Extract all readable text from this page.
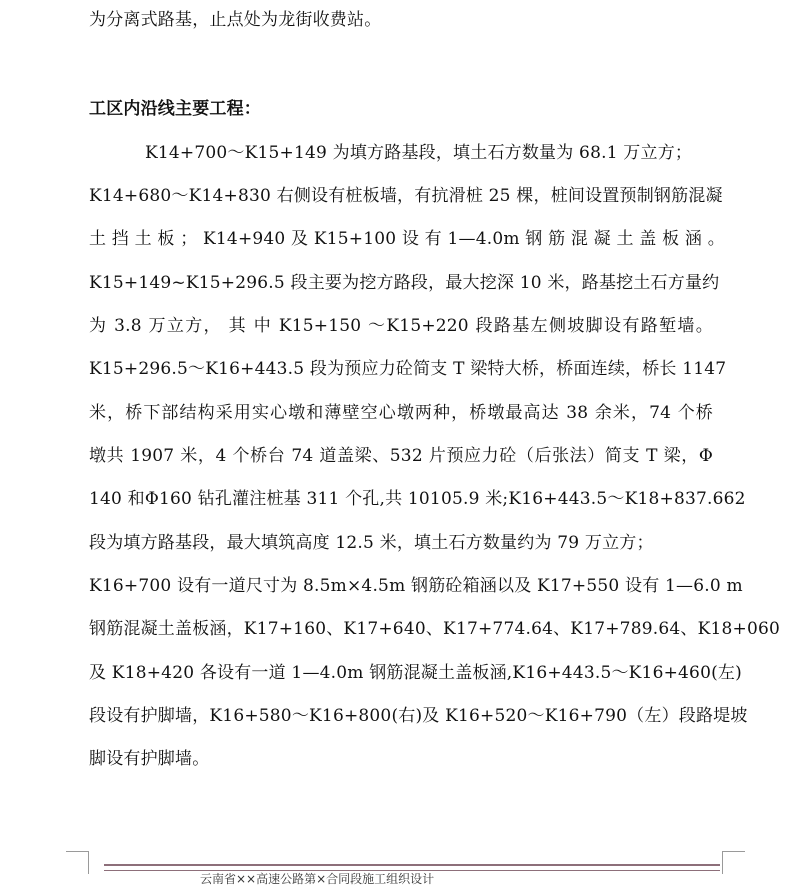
为分离式路基，止点处为龙街收费站。
工区内沿线主要工程：
K14+700～K15+149 为填方路基段，填土石方数量为 68.1 万立方；
K14+680～K14+830 右侧设有桩板墙，有抗滑桩 25 棵，桩间设置预制钢筋混凝
土 挡 土 板 ； K14+940 及 K15+100 设 有 1—4.0m 钢 筋 混 凝 土 盖 板 涵 。
K15+149~K15+296.5 段主要为挖方路段，最大挖深 10 米，路基挖土石方量约
为 3.8 万立方， 其 中 K15+150 ～K15+220 段路基左侧坡脚设有路堑墙。
K15+296.5～K16+443.5 段为预应力砼简支 T 梁特大桥，桥面连续，桥长 1147
米，桥下部结构采用实心墩和薄壁空心墩两种，桥墩最高达 38 余米，74 个桥
墩共 1907 米，4 个桥台 74 道盖梁、532 片预应力砼（后张法）简支 T 梁，Φ
140 和Φ160 钻孔灌注桩基 311 个孔,共 10105.9 米;K16+443.5～K18+837.662
段为填方路基段，最大填筑高度 12.5 米，填土石方数量约为 79 万立方；
K16+700 设有一道尺寸为 8.5m×4.5m 钢筋砼箱涵以及 K17+550 设有 1—6.0 m
钢筋混凝土盖板涵，K17+160、K17+640、K17+774.64、K17+789.64、K18+060
及 K18+420 各设有一道 1—4.0m 钢筋混凝土盖板涵,K16+443.5～K16+460(左)
段设有护脚墙，K16+580～K16+800(右)及 K16+520～K16+790（左）段路堤坡
脚设有护脚墙。
云南省××高速公路第×合同段施工组织设计
